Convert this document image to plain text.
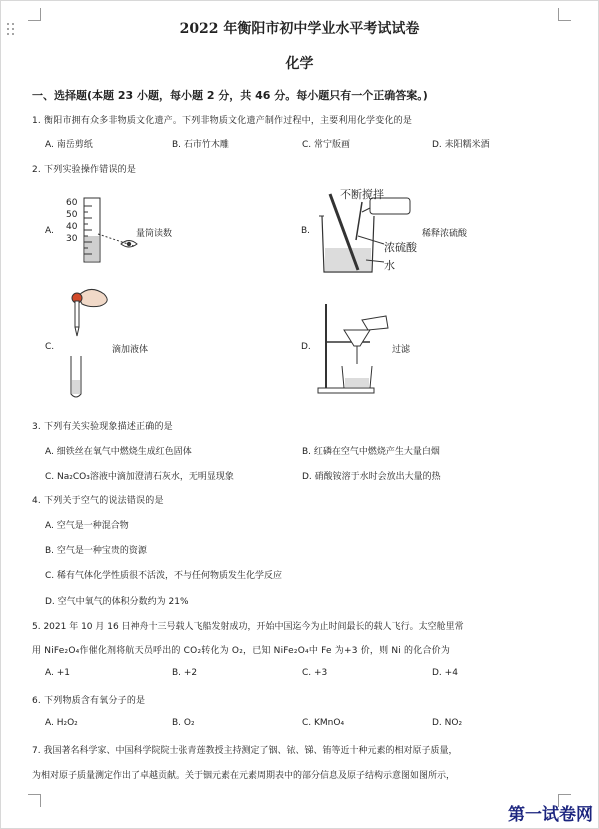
2022 年衡阳市初中学业水平考试试卷
化学
一、选择题(本题 23 小题，每小题 2 分，共 46 分。每小题只有一个正确答案。)
1. 衡阳市拥有众多非物质文化遗产。下列非物质文化遗产制作过程中，主要利用化学变化的是
A. 南岳剪纸	B. 石市竹木雕	C. 常宁版画	D. 耒阳糯米酒
2. 下列实验操作错误的是
A.
60
50
40
30	量筒读数	B.
不断搅拌
稀释浓硫酸
浓硫酸
水
C.	滴加液体	D.	过滤
3. 下列有关实验现象描述正确的是
A. 细铁丝在氧气中燃烧生成红色固体	B. 红磷在空气中燃烧产生大量白烟
C. Na₂CO₃溶液中滴加澄清石灰水，无明显现象	D. 硝酸铵溶于水时会放出大量的热
4. 下列关于空气的说法错误的是
A. 空气是一种混合物
B. 空气是一种宝贵的资源
C. 稀有气体化学性质很不活泼，不与任何物质发生化学反应
D. 空气中氧气的体积分数约为 21%
5. 2021 年 10 月 16 日神舟十三号载人飞船发射成功，开始中国迄今为止时间最长的载人飞行。太空舱里常
用 NiFe₂O₄作催化剂将航天员呼出的 CO₂转化为 O₂，已知 NiFe₂O₄中 Fe 为+3 价，则 Ni 的化合价为
A. +1	B. +2	C. +3	D. +4
6. 下列物质含有氧分子的是
A. H₂O₂	B. O₂	C. KMnO₄	D. NO₂
7. 我国著名科学家、中国科学院院士张青莲教授主持测定了铟、铱、锑、铕等近十种元素的相对原子质量，
为相对原子质量测定作出了卓越贡献。关于铟元素在元素周期表中的部分信息及原子结构示意图如图所示，
第一试卷网
